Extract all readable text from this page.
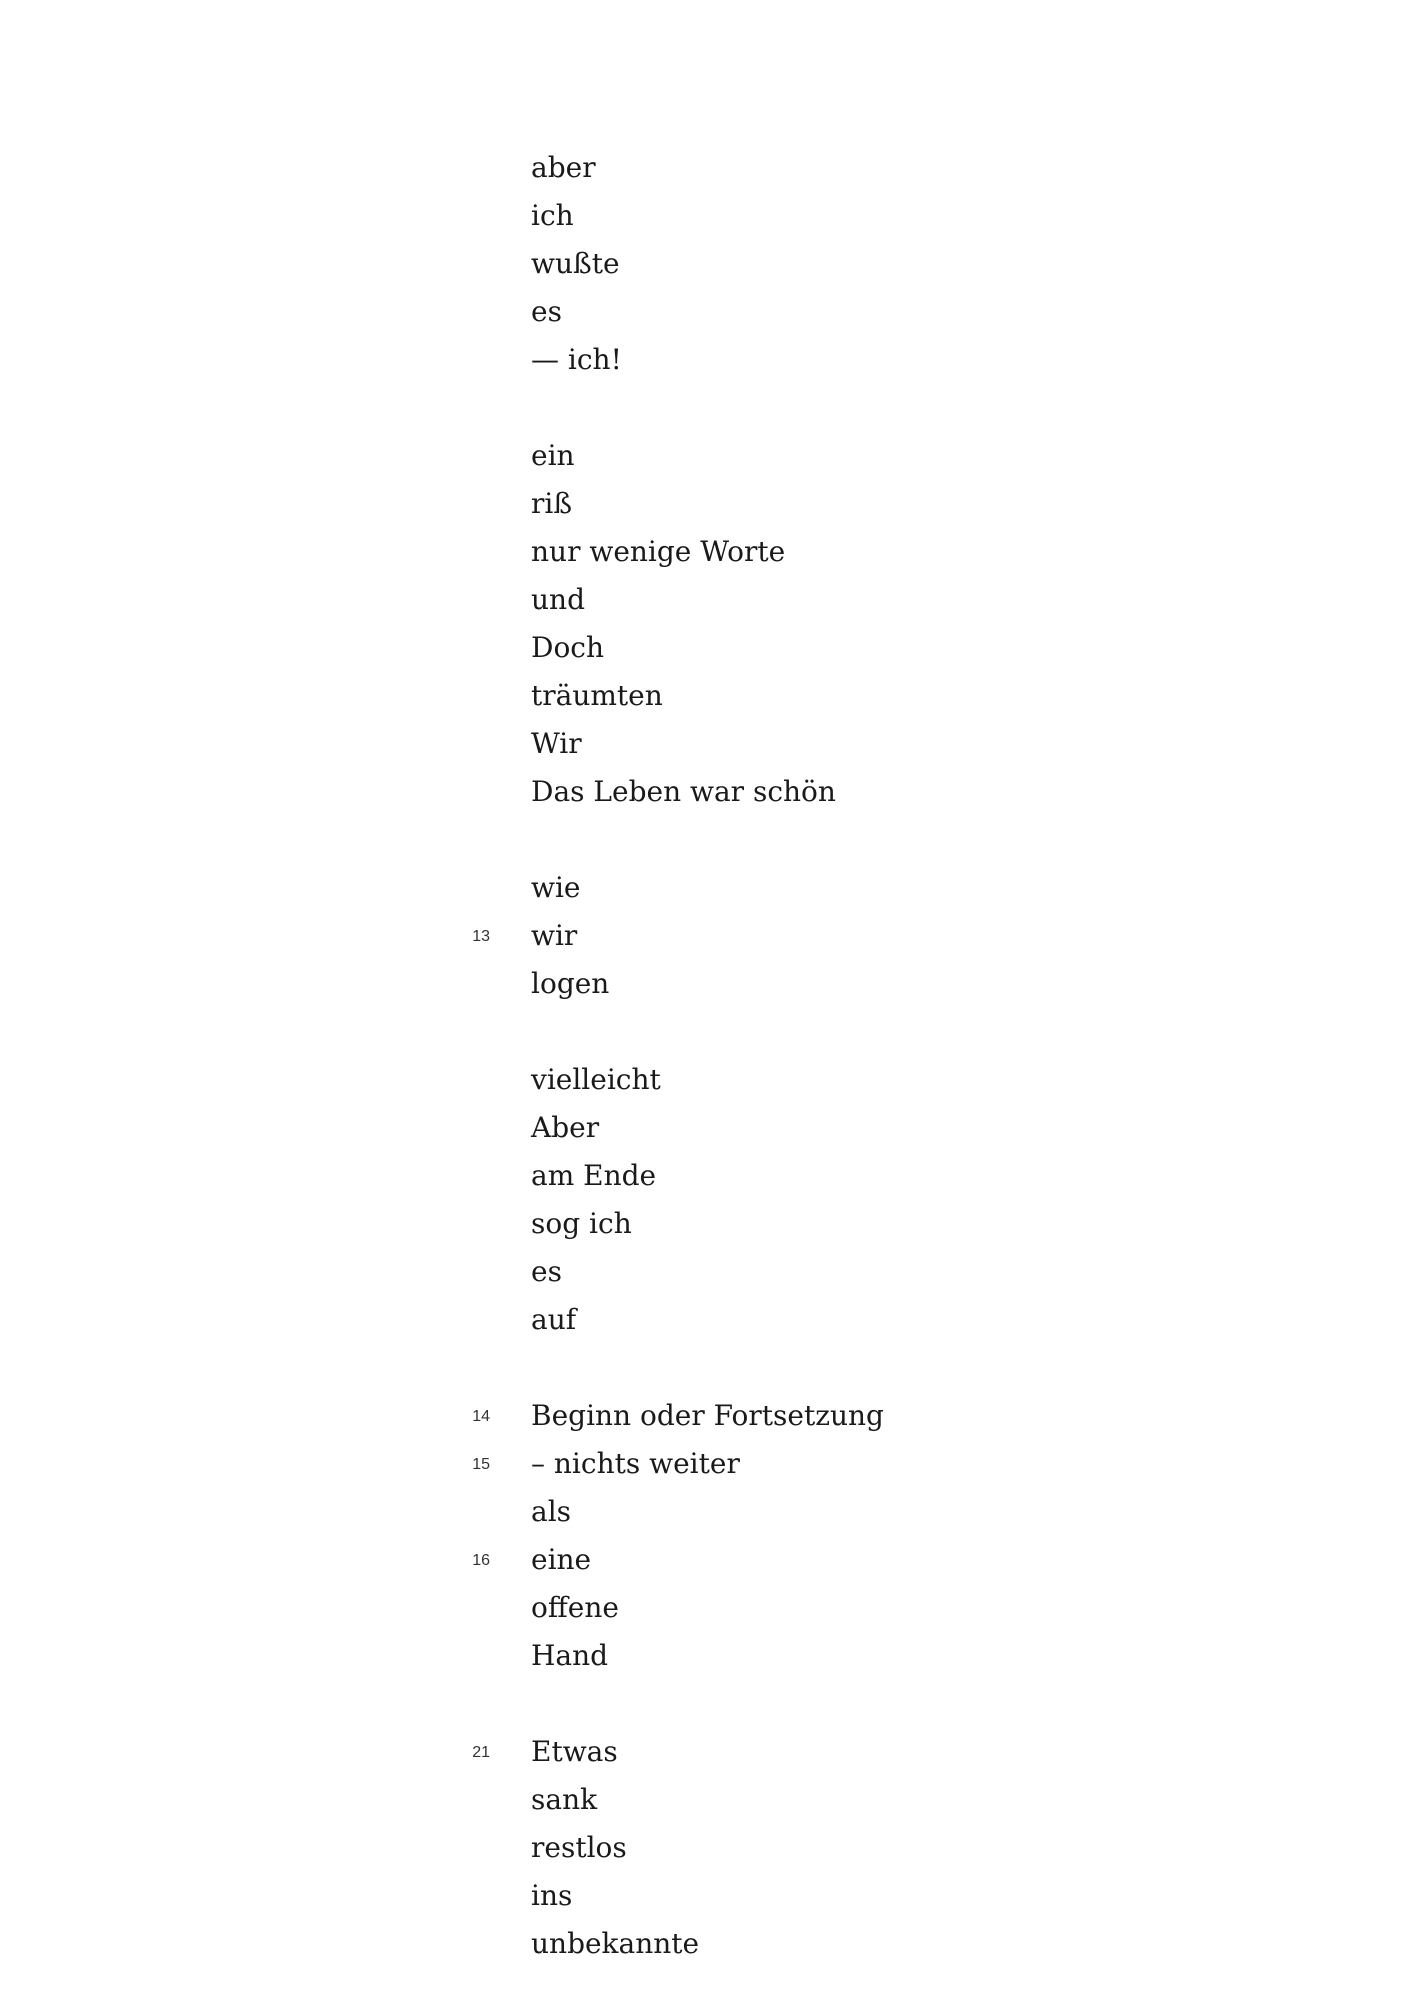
aber
ich
wußte
es
— ich!
ein
riß
nur wenige Worte
und
Doch
träumten
Wir
Das Leben war schön
wie
13 wir
logen
vielleicht
Aber
am Ende
sog ich
es
auf
14 Beginn oder Fortsetzung
15 – nichts weiter
als
16 eine
offene
Hand
21 Etwas
sank
restlos
ins
unbekannte
